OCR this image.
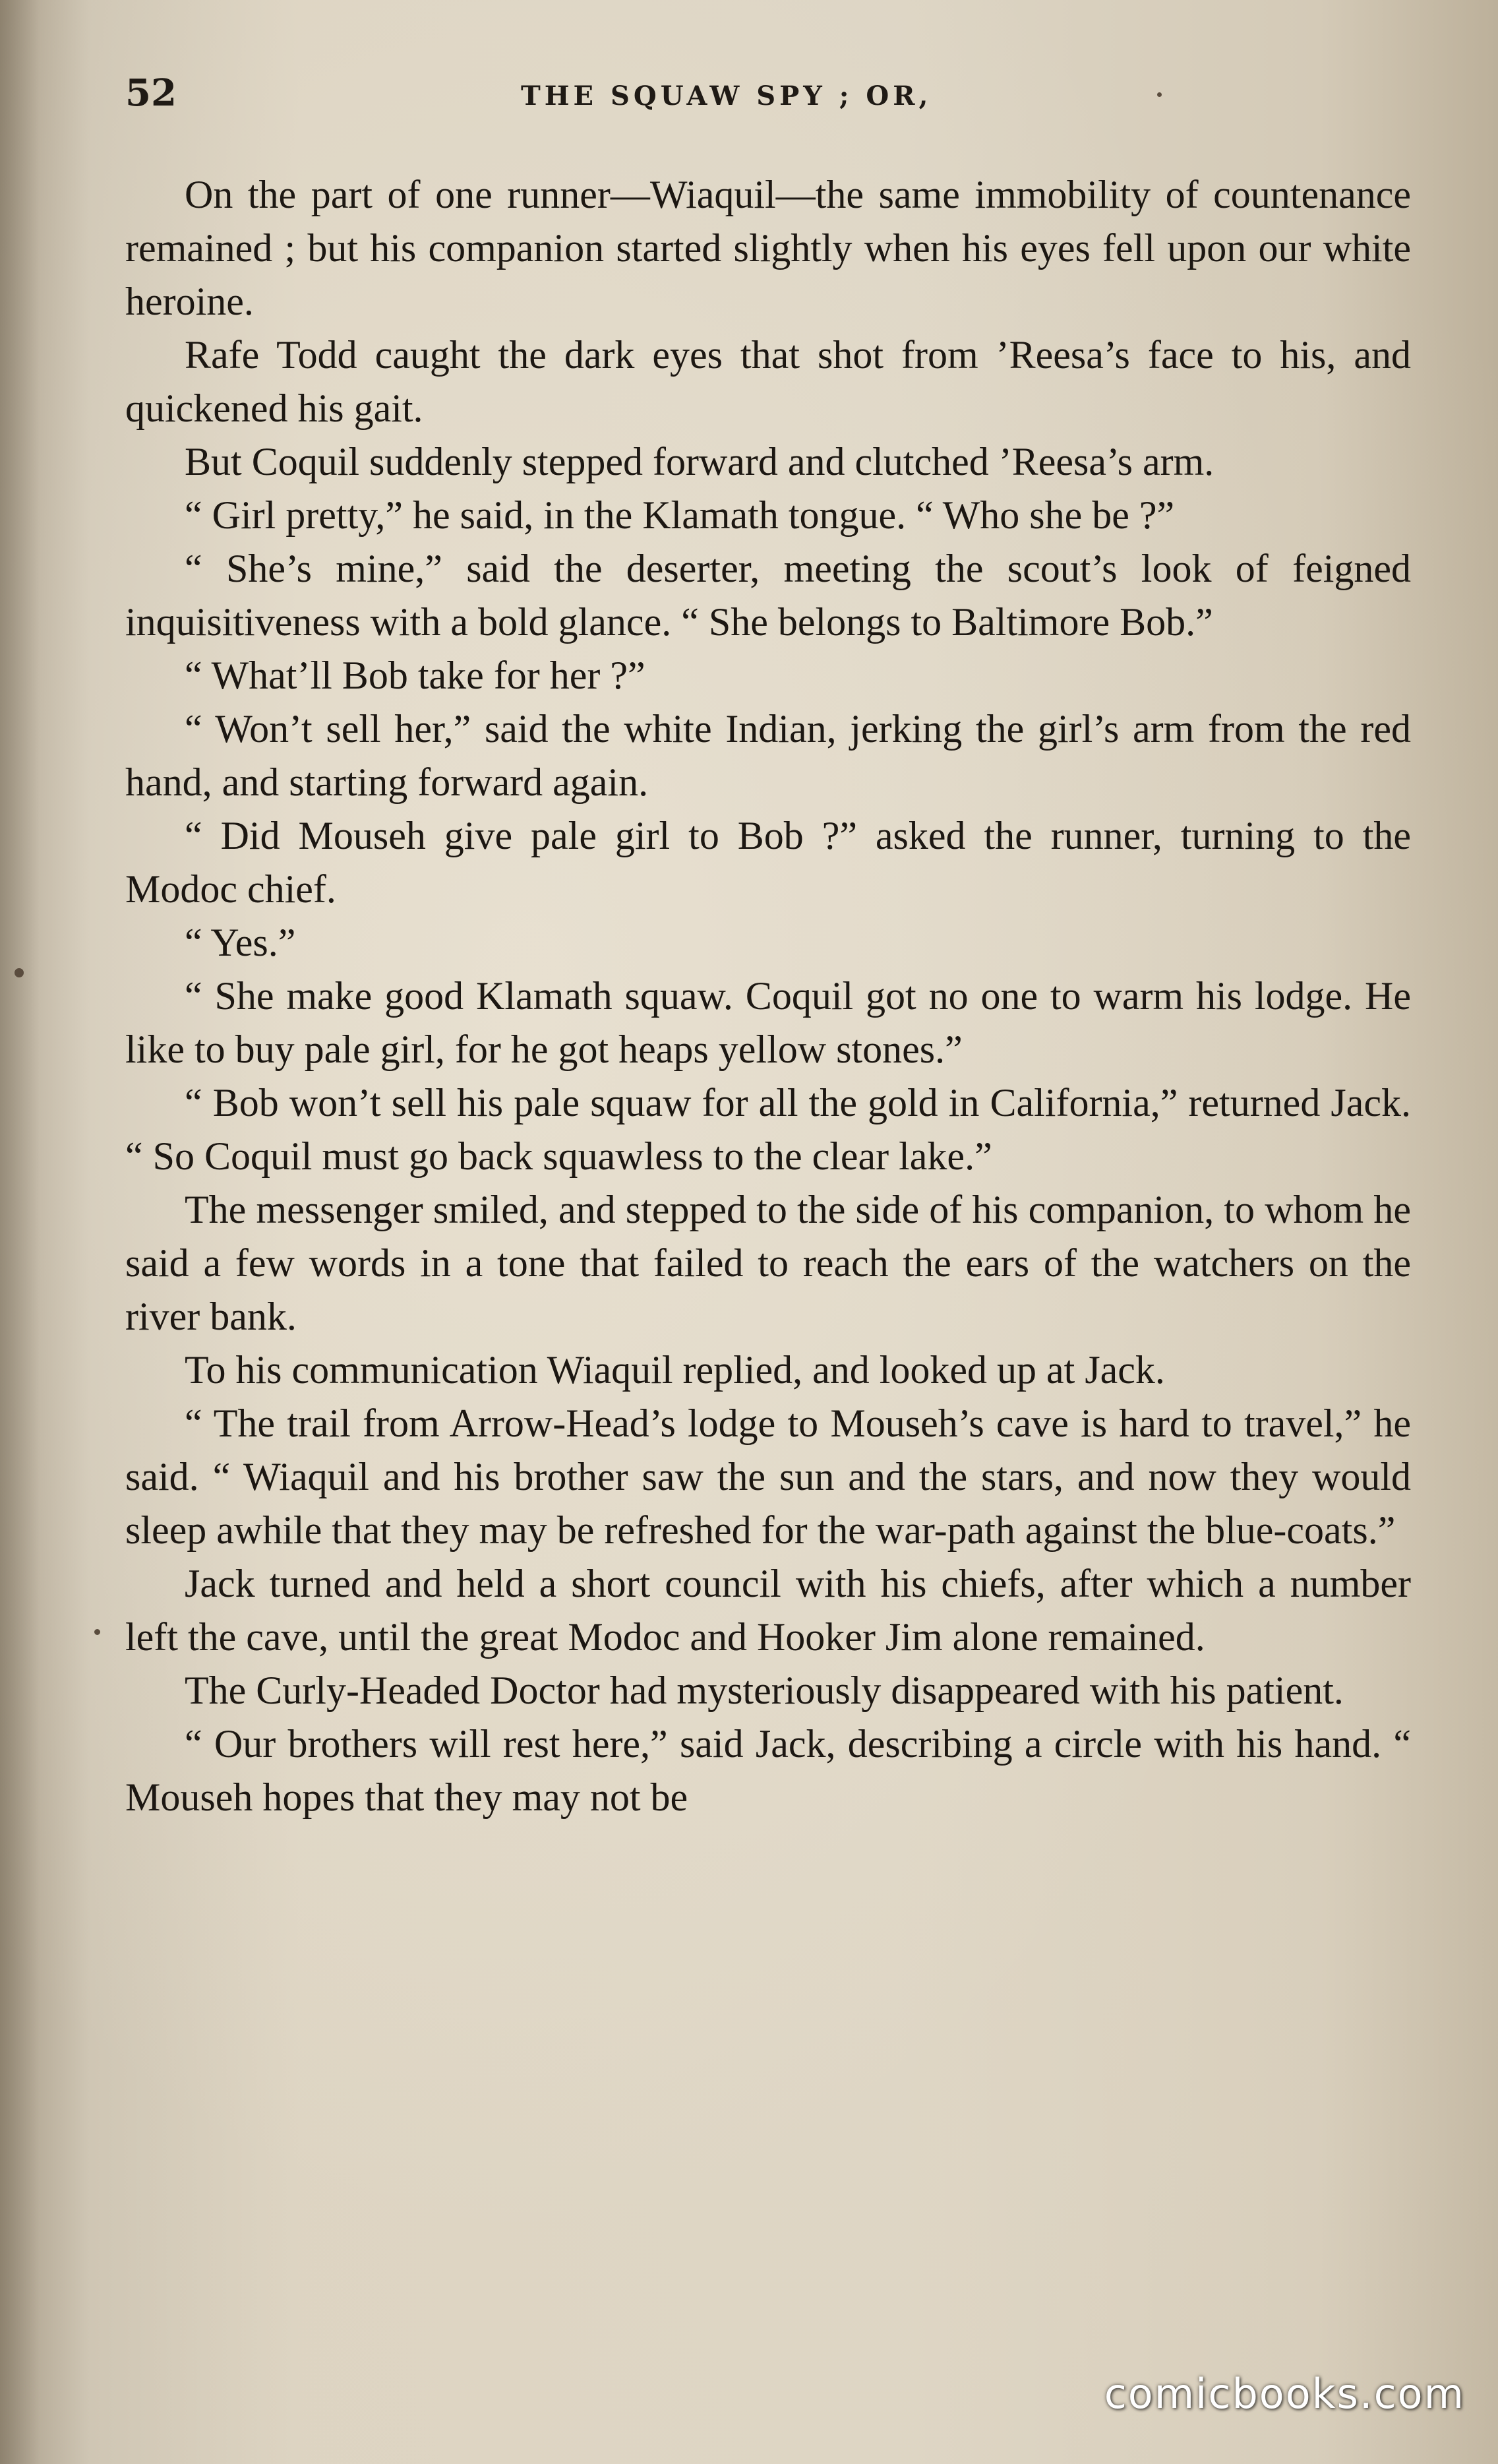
52	THE SQUAW SPY ; OR,

On the part of one runner—Wiaquil—the same immobility of countenance remained ; but his companion started slightly when his eyes fell upon our white heroine.

Rafe Todd caught the dark eyes that shot from ’Reesa’s face to his, and quickened his gait.

But Coquil suddenly stepped forward and clutched ’Reesa’s arm.

“ Girl pretty,” he said, in the Klamath tongue. “ Who she be ?”

“ She’s mine,” said the deserter, meeting the scout’s look of feigned inquisitiveness with a bold glance. “ She belongs to Baltimore Bob.”

“ What’ll Bob take for her ?”

“ Won’t sell her,” said the white Indian, jerking the girl’s arm from the red hand, and starting forward again.

“ Did Mouseh give pale girl to Bob ?” asked the runner, turning to the Modoc chief.

“ Yes.”

“ She make good Klamath squaw. Coquil got no one to warm his lodge. He like to buy pale girl, for he got heaps yellow stones.”

“ Bob won’t sell his pale squaw for all the gold in California,” returned Jack. “ So Coquil must go back squawless to the clear lake.”

The messenger smiled, and stepped to the side of his companion, to whom he said a few words in a tone that failed to reach the ears of the watchers on the river bank.

To his communication Wiaquil replied, and looked up at Jack.

“ The trail from Arrow-Head’s lodge to Mouseh’s cave is hard to travel,” he said. “ Wiaquil and his brother saw the sun and the stars, and now they would sleep awhile that they may be refreshed for the war-path against the blue-coats.”

Jack turned and held a short council with his chiefs, after which a number left the cave, until the great Modoc and Hooker Jim alone remained.

The Curly-Headed Doctor had mysteriously disappeared with his patient.

“ Our brothers will rest here,” said Jack, describing a circle with his hand. “ Mouseh hopes that they may not be

comicbooks.com
